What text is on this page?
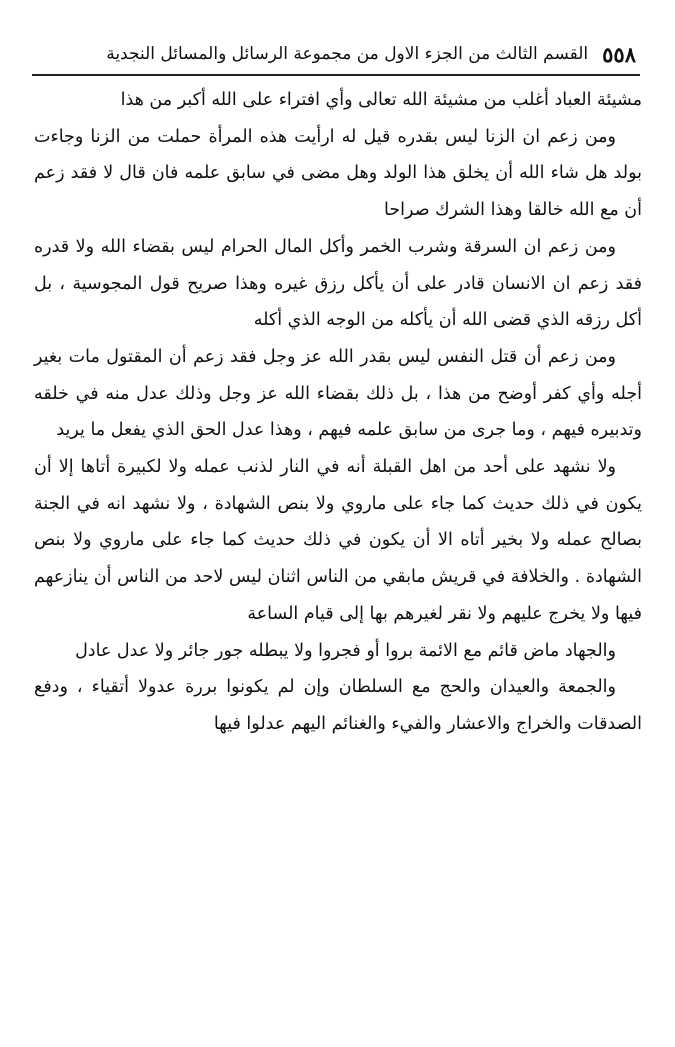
٥٥٨
القسم الثالث من الجزء الاول من مجموعة الرسائل والمسائل النجدية

مشيئة العباد أغلب من مشيئة الله تعالى وأي افتراء على الله أكبر من هذا

ومن زعم ان الزنا ليس بقدره قيل له ارأيت هذه المرأة حملت من الزنا وجاءت بولد هل شاء الله أن يخلق هذا الولد وهل مضى في سابق علمه فان قال لا فقد زعم أن مع الله خالقا وهذا الشرك صراحا

ومن زعم ان السرقة وشرب الخمر وأكل المال الحرام ليس بقضاء الله ولا قدره فقد زعم ان الانسان قادر على أن يأكل رزق غيره وهذا صريح قول المجوسية ، بل أكل رزقه الذي قضى الله أن يأكله من الوجه الذي أكله

ومن زعم أن قتل النفس ليس بقدر الله عز وجل فقد زعم أن المقتول مات بغير أجله وأي كفر أوضح من هذا ، بل ذلك بقضاء الله عز وجل وذلك عدل منه في خلقه وتدبيره فيهم ، وما جرى من سابق علمه فيهم ، وهذا عدل الحق الذي يفعل ما يريد

ولا نشهد على أحد من اهل القبلة أنه في النار لذنب عمله ولا لكبيرة أتاها إلا أن يكون في ذلك حديث كما جاء على ماروي ولا بنص الشهادة ، ولا نشهد انه في الجنة بصالح عمله ولا بخير أتاه الا أن يكون في ذلك حديث كما جاء على ماروي ولا بنص الشهادة . والخلافة في قريش مابقي من الناس اثنان ليس لاحد من الناس أن ينازعهم فيها ولا يخرج عليهم ولا نقر لغيرهم بها إلى قيام الساعة

والجهاد ماض قائم مع الائمة بروا أو فجروا ولا يبطله جور جائر ولا عدل عادل

والجمعة والعيدان والحج مع السلطان وإن لم يكونوا بررة عدولا أتقياء ، ودفع الصدقات والخراج والاعشار والفيء والغنائم اليهم عدلوا فيها
